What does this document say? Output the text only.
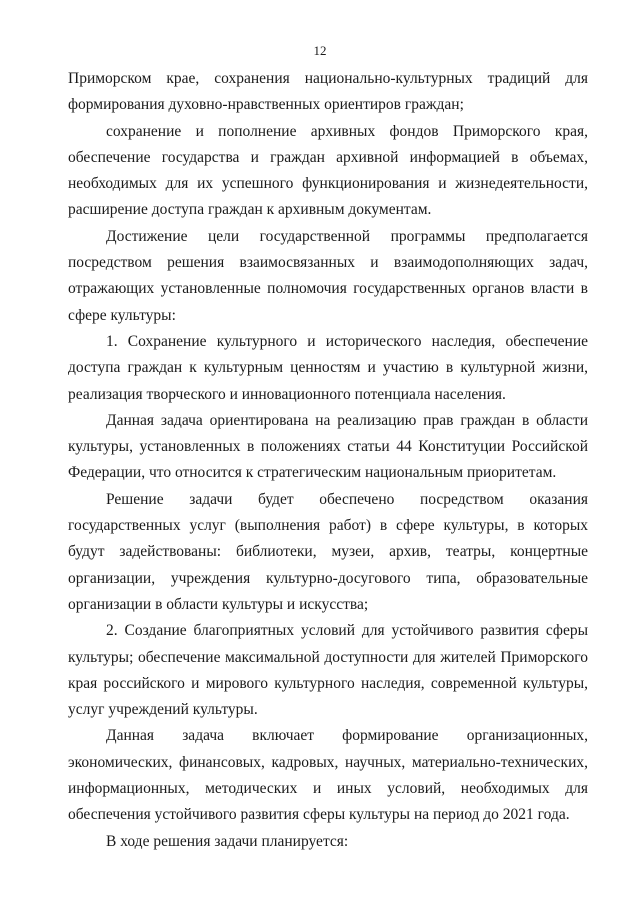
12

Приморском крае, сохранения национально-культурных традиций для формирования духовно-нравственных ориентиров граждан;

сохранение и пополнение архивных фондов Приморского края, обеспечение государства и граждан архивной информацией в объемах, необходимых для их успешного функционирования и жизнедеятельности, расширение доступа граждан к архивным документам.

Достижение цели государственной программы предполагается посредством решения взаимосвязанных и взаимодополняющих задач, отражающих установленные полномочия государственных органов власти в сфере культуры:

1. Сохранение культурного и исторического наследия, обеспечение доступа граждан к культурным ценностям и участию в культурной жизни, реализация творческого и инновационного потенциала населения.

Данная задача ориентирована на реализацию прав граждан в области культуры, установленных в положениях статьи 44 Конституции Российской Федерации, что относится к стратегическим национальным приоритетам.

Решение задачи будет обеспечено посредством оказания государственных услуг (выполнения работ) в сфере культуры, в которых будут задействованы: библиотеки, музеи, архив, театры, концертные организации, учреждения культурно-досугового типа, образовательные организации в области культуры и искусства;

2. Создание благоприятных условий для устойчивого развития сферы культуры; обеспечение максимальной доступности для жителей Приморского края российского и мирового культурного наследия, современной культуры, услуг учреждений культуры.

Данная задача включает формирование организационных, экономических, финансовых, кадровых, научных, материально-технических, информационных, методических и иных условий, необходимых для обеспечения устойчивого развития сферы культуры на период до 2021 года.

В ходе решения задачи планируется:
